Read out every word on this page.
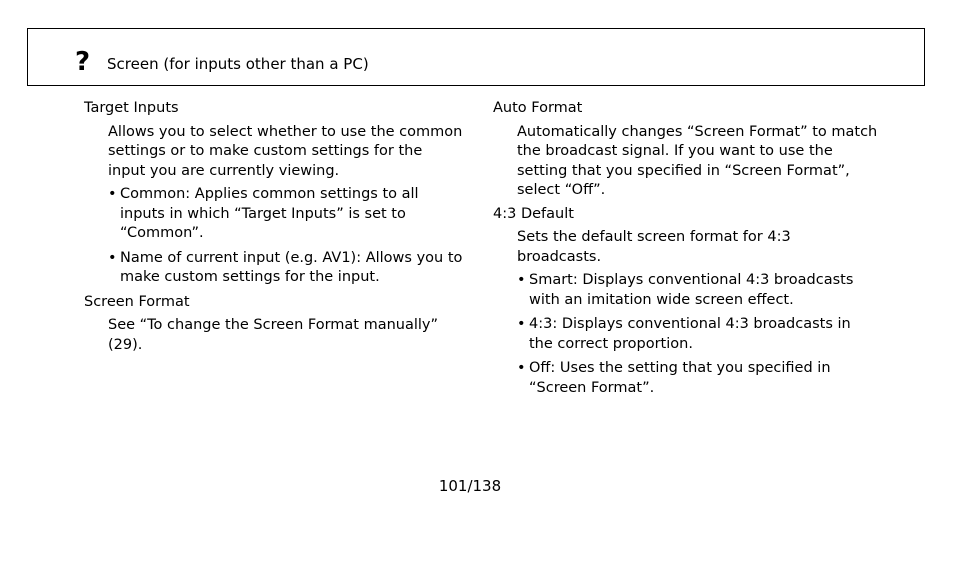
? Screen (for inputs other than a PC)
Target Inputs
Allows you to select whether to use the common settings or to make custom settings for the input you are currently viewing.
• Common: Applies common settings to all inputs in which “Target Inputs” is set to “Common”.
• Name of current input (e.g. AV1): Allows you to make custom settings for the input.
Screen Format
See “To change the Screen Format manually” (29).
Auto Format
Automatically changes “Screen Format” to match the broadcast signal. If you want to use the setting that you specified in “Screen Format”, select “Off”.
4:3 Default
Sets the default screen format for 4:3 broadcasts.
• Smart: Displays conventional 4:3 broadcasts with an imitation wide screen effect.
• 4:3: Displays conventional 4:3 broadcasts in the correct proportion.
• Off: Uses the setting that you specified in “Screen Format”.
101/138
